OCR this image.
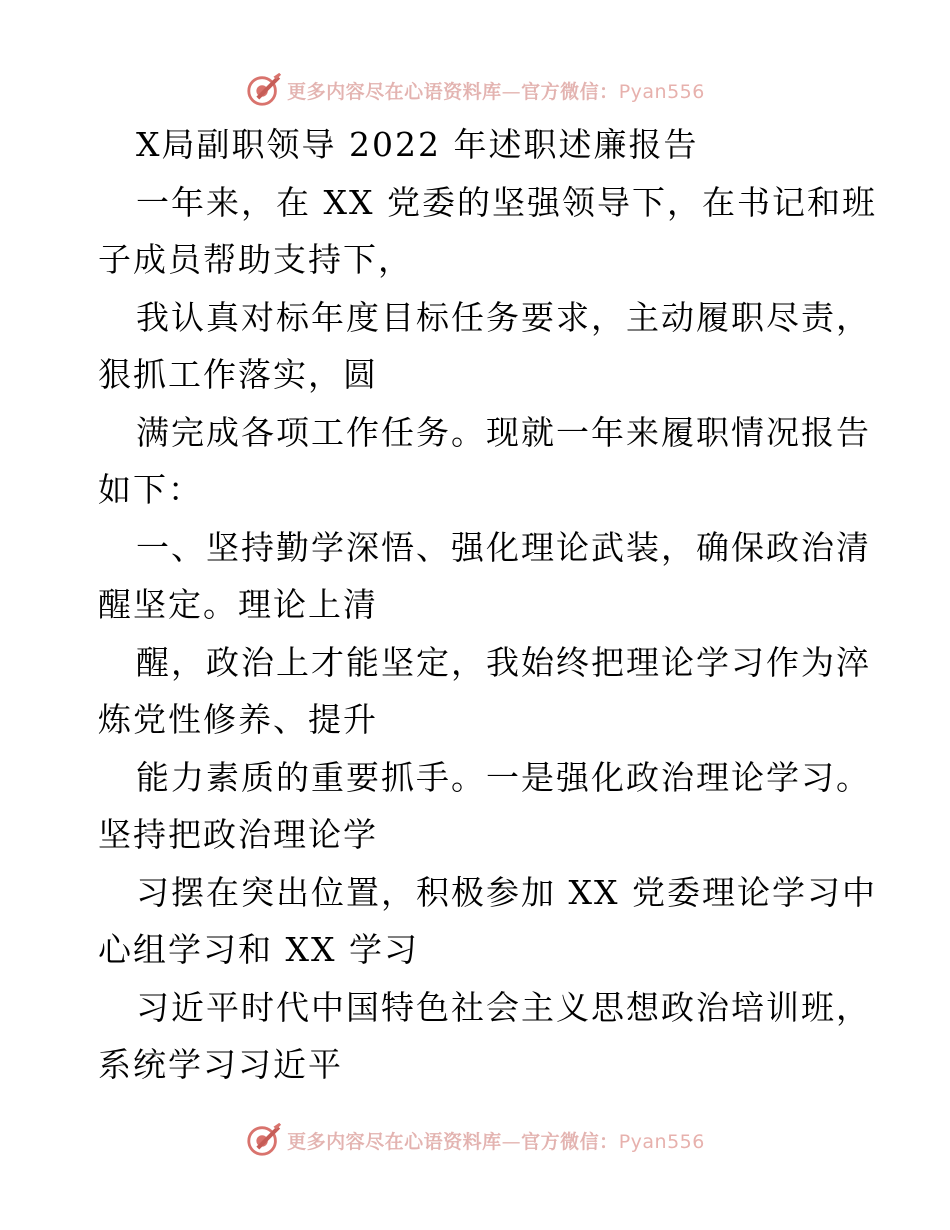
更多内容尽在心语资料库—官方微信：Pyan556
X局副职领导 2022 年述职述廉报告
一年来，在 XX 党委的坚强领导下，在书记和班
子成员帮助支持下，
我认真对标年度目标任务要求，主动履职尽责，
狠抓工作落实，圆
满完成各项工作任务。现就一年来履职情况报告
如下：
一、坚持勤学深悟、强化理论武装，确保政治清
醒坚定。理论上清
醒，政治上才能坚定，我始终把理论学习作为淬
炼党性修养、提升
能力素质的重要抓手。一是强化政治理论学习。
坚持把政治理论学
习摆在突出位置，积极参加 XX 党委理论学习中
心组学习和 XX 学习
习近平时代中国特色社会主义思想政治培训班，
系统学习习近平
更多内容尽在心语资料库—官方微信：Pyan556
